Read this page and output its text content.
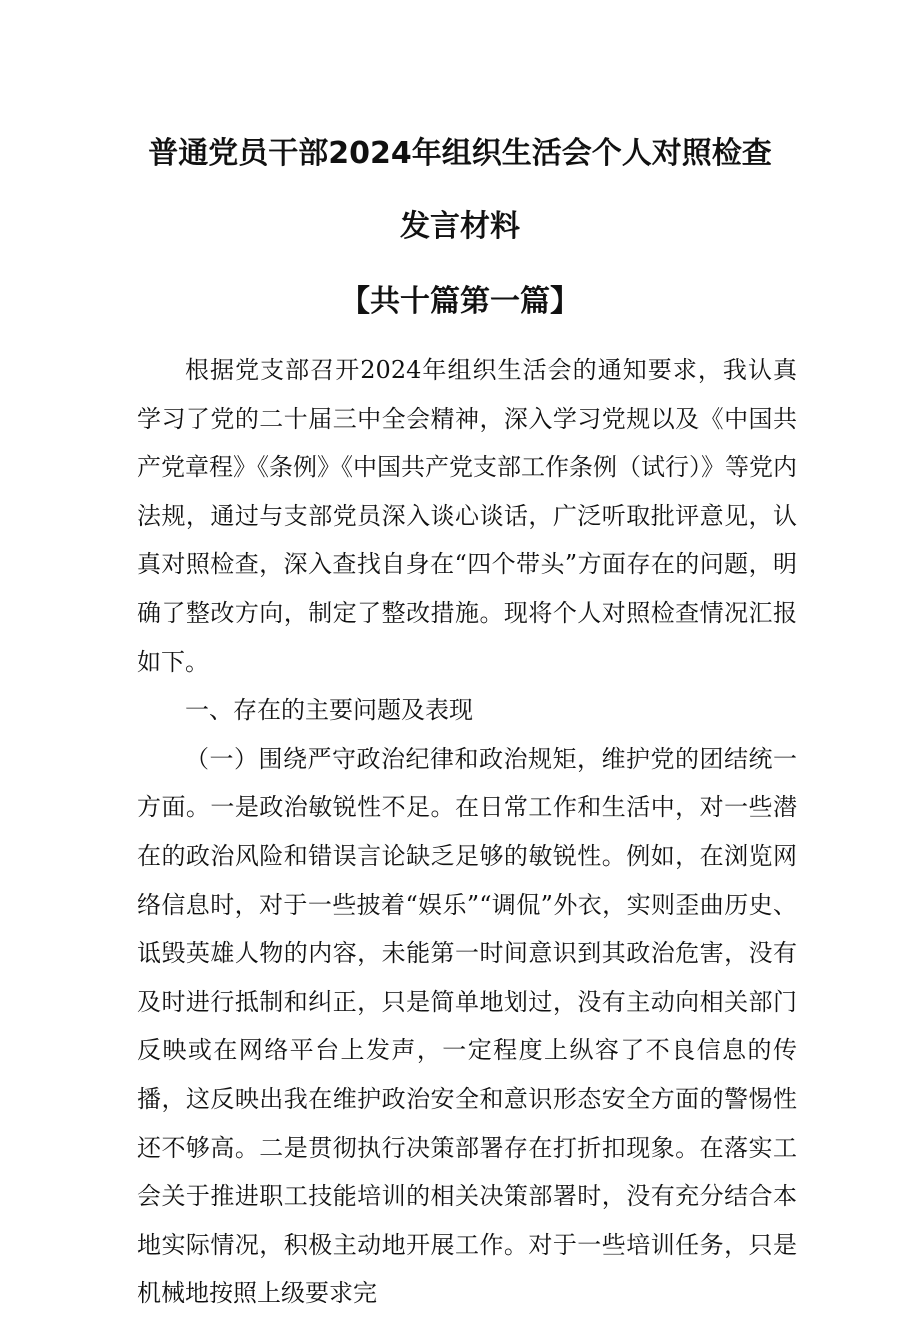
普通党员干部2024年组织生活会个人对照检查
发言材料
【共十篇第一篇】

根据党支部召开2024年组织生活会的通知要求，我认真学习了党的二十届三中全会精神，深入学习党规以及《中国共产党章程》《条例》《中国共产党支部工作条例（试行）》等党内法规，通过与支部党员深入谈心谈话，广泛听取批评意见，认真对照检查，深入查找自身在“四个带头”方面存在的问题，明确了整改方向，制定了整改措施。现将个人对照检查情况汇报如下。

一、存在的主要问题及表现

（一）围绕严守政治纪律和政治规矩，维护党的团结统一方面。一是政治敏锐性不足。在日常工作和生活中，对一些潜在的政治风险和错误言论缺乏足够的敏锐性。例如，在浏览网络信息时，对于一些披着“娱乐”“调侃”外衣，实则歪曲历史、诋毁英雄人物的内容，未能第一时间意识到其政治危害，没有及时进行抵制和纠正，只是简单地划过，没有主动向相关部门反映或在网络平台上发声，一定程度上纵容了不良信息的传播，这反映出我在维护政治安全和意识形态安全方面的警惕性还不够高。二是贯彻执行决策部署存在打折扣现象。在落实工会关于推进职工技能培训的相关决策部署时，没有充分结合本地实际情况，积极主动地开展工作。对于一些培训任务，只是机械地按照上级要求完
